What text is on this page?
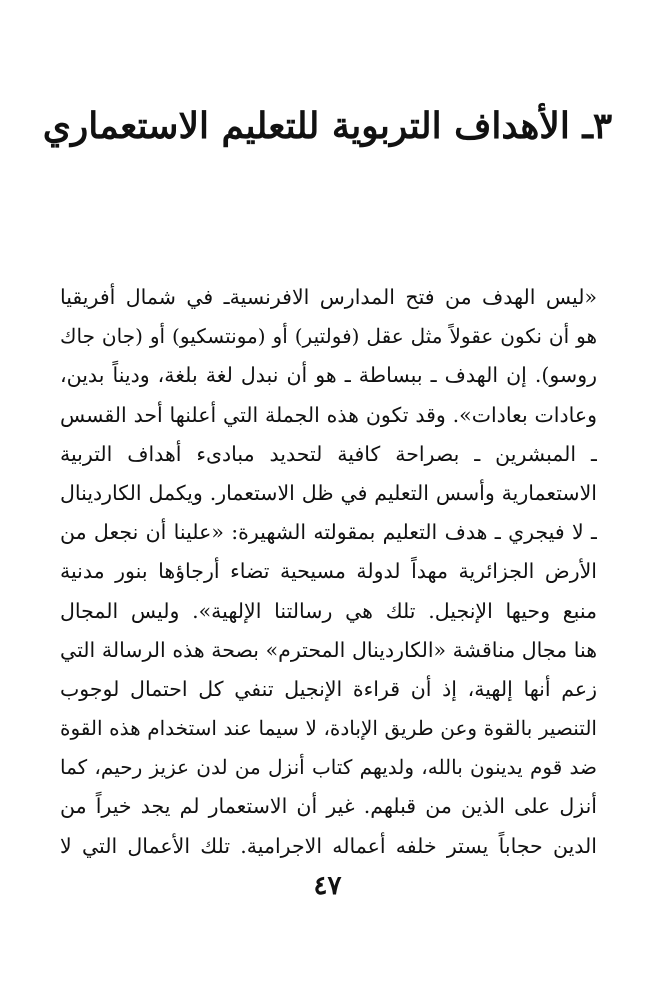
٣ـ الأهداف التربوية للتعليم الاستعماري
«ليس الهدف من فتح المدارس الافرنسيةـ في شمال أفريقيا
هو أن نكون عقولاً مثل عقل (فولتير) أو (مونتسكيو) أو (جان جاك
روسو). إن الهدف ـ ببساطة ـ هو أن نبدل لغة بلغة، وديناً بدين،
وعادات بعادات». وقد تكون هذه الجملة التي أعلنها أحد القسس
ـ المبشرين ـ بصراحة كافية لتحديد مبادىء أهداف التربية
الاستعمارية وأسس التعليم في ظل الاستعمار. ويكمل الكاردينال
ـ لا فيجري ـ هدف التعليم بمقولته الشهيرة: «علينا أن نجعل من
الأرض الجزائرية مهداً لدولة مسيحية تضاء أرجاؤها بنور مدنية
منبع وحيها الإنجيل. تلك هي رسالتنا الإلهية». وليس المجال
هنا مجال مناقشة «الكاردينال المحترم» بصحة هذه الرسالة التي
زعم أنها إلهية، إذ أن قراءة الإنجيل تنفي كل احتمال لوجوب
التنصير بالقوة وعن طريق الإبادة، لا سيما عند استخدام هذه القوة
ضد قوم يدينون بالله، ولديهم كتاب أنزل من لدن عزيز رحيم، كما
أنزل على الذين من قبلهم. غير أن الاستعمار لم يجد خيراً من
الدين حجاباً يستر خلفه أعماله الاجرامية. تلك الأعمال التي لا
٤٧
